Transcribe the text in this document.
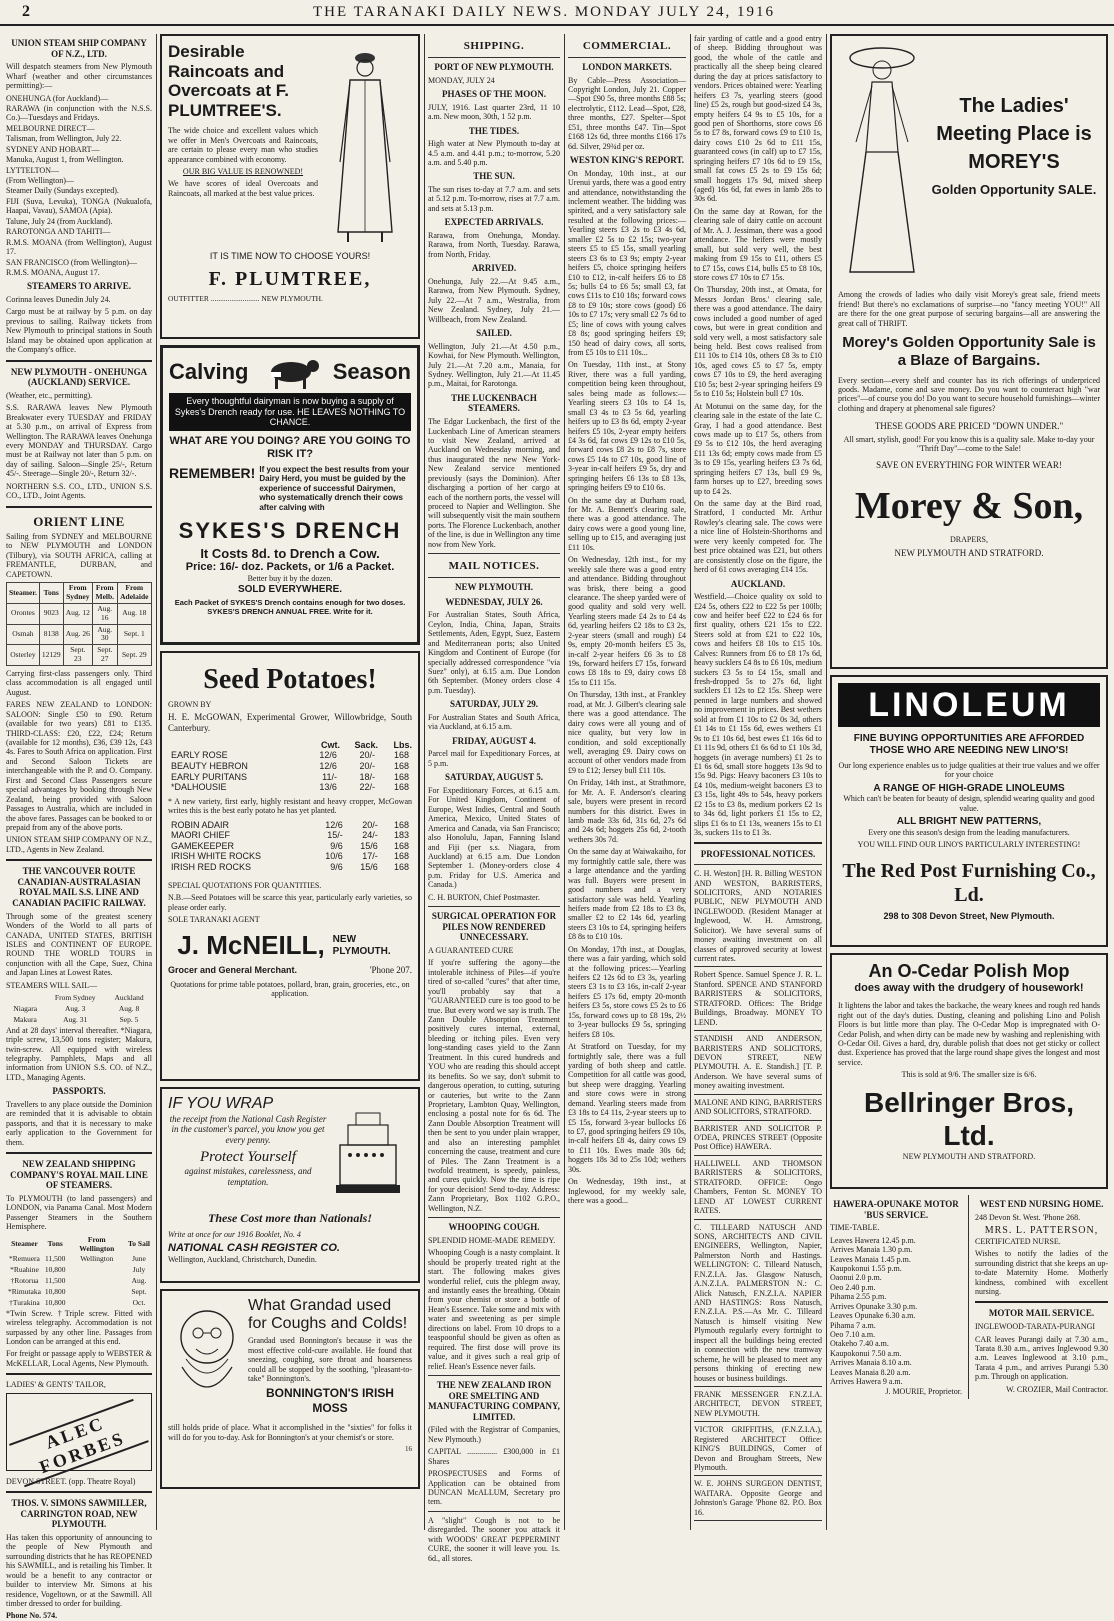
2	THE TARANAKI DAILY NEWS. MONDAY JULY 24, 1916
UNION STEAM SHIP COMPANY OF N.Z., LTD.

Will despatch steamers from New Plymouth Wharf (weather and other circumstances permitting):—

ONEHUNGA (for Auckland)—

RARAWA (in conjunction with the N.S.S. Co.)—Tuesdays and Fridays.

MELBOURNE DIRECT—

Talisman, from Wellington, July 22.

SYDNEY AND HOBART—

Manuka, August 1, from Wellington.

LYTTELTON—

(From Wellington)—

Steamer Daily (Sundays excepted).

FIJI (Suva, Levuka), TONGA (Nukualofa, Haapai, Vavau), SAMOA (Apia).

Talune, July 24 (from Auckland).

RAROTONGA AND TAHITI—

R.M.S. MOANA (from Wellington), August 17.

SAN FRANCISCO (from Wellington)—

R.M.S. MOANA, August 17.

STEAMERS TO ARRIVE.

Corinna leaves Dunedin July 24.

Cargo must be at railway by 5 p.m. on day previous to sailing. Railway tickets from New Plymouth to principal stations in South Island may be obtained upon application at the Company's office.

NEW PLYMOUTH - ONEHUNGA (AUCKLAND) SERVICE.

(Weather, etc., permitting).

S.S. RARAWA leaves New Plymouth Breakwater every TUESDAY and FRIDAY at 5.30 p.m., on arrival of Express from Wellington. The RARAWA leaves Onehunga every MONDAY and THURSDAY. Cargo must be at Railway not later than 5 p.m. on day of sailing. Saloon—Single 25/-, Return 45/-. Steerage—Single 20/-, Return 32/-.

NORTHERN S.S. CO., LTD., UNION S.S. CO., LTD., Joint Agents.

ORIENT LINE

Sailing from SYDNEY and MELBOURNE to NEW PLYMOUTH and LONDON (Tilbury), via SOUTH AFRICA, calling at FREMANTLE, DURBAN, and CAPETOWN.

Steamer.	Tons	From Sydney	From Melb.	From Adelaide
Orontes	9023	Aug. 12	Aug. 16	Aug. 18
Osmah	8138	Aug. 26	Aug. 30	Sept. 1
Osterley	12129	Sept. 23	Sept. 27	Sept. 29

Carrying first-class passengers only. Third class accommodation is all engaged until August.

FARES NEW ZEALAND to LONDON: SALOON: Single £50 to £90. Return (available for two years) £81 to £135. THIRD-CLASS: £20, £22, £24; Return (available for 12 months), £36, £39 12s, £43 4s. Fares to South Africa on application. First and Second Saloon Tickets are interchangeable with the P. and O. Company. First and Second Class Passengers secure special advantages by booking through New Zealand, being provided with Saloon Passages to Australia, which are included in the above fares. Passages can be booked to or prepaid from any of the above ports.

UNION STEAM SHIP COMPANY OF N.Z., LTD., Agents in New Zealand.

THE VANCOUVER ROUTE CANADIAN-AUSTRALASIAN ROYAL MAIL S.S. LINE AND CANADIAN PACIFIC RAILWAY.

Through some of the greatest scenery Wonders of the World to all parts of CANADA, UNITED STATES, BRITISH ISLES and CONTINENT OF EUROPE. ROUND THE WORLD TOURS in conjunction with all the Cape, Suez, China and Japan Lines at Lowest Rates.

STEAMERS WILL SAIL—

	From Sydney	Auckland
Niagara	Aug. 3	Aug. 8
Makura	Aug. 31	Sep. 5

And at 28 days' interval thereafter. *Niagara, triple screw, 13,500 tons register; Makura, twin-screw. All equipped with wireless telegraphy. Pamphlets, Maps and all information from UNION S.S. CO. of N.Z., LTD., Managing Agents.

PASSPORTS.

Travellers to any place outside the Dominion are reminded that it is advisable to obtain passports, and that it is necessary to make early application to the Government for them.

NEW ZEALAND SHIPPING COMPANY'S ROYAL MAIL LINE OF STEAMERS.

To PLYMOUTH (to land passengers) and LONDON, via Panama Canal. Most Modern Passenger Steamers in the Southern Hemisphere.

Steamer	Tons	From Wellington	To Sail
*Remuera	11,500	Wellington	June
*Ruahine	10,800		July
†Rotorua	11,500		Aug.
*Rimutaka	10,800		Sept.
†Turakina	10,800		Oct.

*Twin Screw. †Triple screw. Fitted with wireless telegraphy. Accommodation is not surpassed by any other line. Passages from London can be arranged at this end.

For freight or passage apply to WEBSTER & McKELLAR, Local Agents, New Plymouth.

LADIES' & GENTS' TAILOR,

ALEC FORBES

DEVON STREET. (opp. Theatre Royal)

THOS. V. SIMONS SAWMILLER, CARRINGTON ROAD, NEW PLYMOUTH.

Has taken this opportunity of announcing to the people of New Plymouth and surrounding districts that he has REOPENED his SAWMILL, and is retailing his Timber. It would be a benefit to any contractor or builder to interview Mr. Simons at his residence, Vogeltown, or at the Sawmill. All timber dressed to order for building.

Phone No. 574.

Desirable Raincoats and Overcoats at F. PLUMTREE'S.

The wide choice and excellent values which we offer in Men's Overcoats and Raincoats, are certain to please every man who studies appearance combined with economy.

OUR BIG VALUE IS RENOWNED!

We have scores of ideal Overcoats and Raincoats, all marked at the best value prices.

IT IS TIME NOW TO CHOOSE YOURS!
F. PLUMTREE,
OUTFITTER .......................... NEW PLYMOUTH.
Calving	Season
Every thoughtful dairyman is now buying a supply of Sykes's Drench ready for use. HE LEAVES NOTHING TO CHANCE.
WHAT ARE YOU DOING? ARE YOU GOING TO RISK IT?
REMEMBER! If you expect the best results from your Dairy Herd, you must be guided by the experience of successful Dairymen, who systematically drench their cows after calving with
SYKES'S DRENCH
It Costs 8d. to Drench a Cow.
Price: 16/- doz. Packets, or 1/6 a Packet.
Better buy it by the dozen.
SOLD EVERYWHERE.
Each Packet of SYKES'S Drench contains enough for two doses. SYKES'S DRENCH ANNUAL FREE. Write for it.
Seed Potatoes!

GROWN BY

H. E. McGOWAN, Experimental Grower, Willowbridge, South Canterbury.

	Cwt.	Sack.	Lbs.
EARLY ROSE	12/6	20/-	168
BEAUTY HEBRON	12/6	20/-	168
EARLY PURITANS	11/-	18/-	168
*DALHOUSIE	13/6	22/-	168

* A new variety, first early, highly resistant and heavy cropper, McGowan writes this is the best early potato he has yet planted.

ROBIN ADAIR	12/6	20/-	168
MAORI CHIEF	15/-	24/-	183
GAMEKEEPER	9/6	15/6	168
IRISH WHITE ROCKS	10/6	17/-	168
IRISH RED ROCKS	9/6	15/6	168

SPECIAL QUOTATIONS FOR QUANTITIES.

N.B.—Seed Potatoes will be scarce this year, particularly early varieties, so please order early.

SOLE TARANAKI AGENT

J. McNEILL, NEW PLYMOUTH.
Grocer and General Merchant.	'Phone 207.

Quotations for prime table potatoes, pollard, bran, grain, groceries, etc., on application.

IF YOU WRAP

the receipt from the National Cash Register in the customer's parcel, you know you get every penny.

Protect Yourself

against mistakes, carelessness, and temptation.

These Cost more than Nationals!

Write at once for our 1916 Booklet, No. 4

NATIONAL CASH REGISTER CO.

Wellington, Auckland, Christchurch, Dunedin.

What Grandad used for Coughs and Colds!

Grandad used Bonnington's because it was the most effective cold-cure available. He found that sneezing, coughing, sore throat and hoarseness could all be stopped by the soothing, "pleasant-to-take" Bonnington's.

BONNINGTON'S IRISH MOSS

still holds pride of place. What it accomplished in the "sixties" for folks it will do for you to-day. Ask for Bonnington's at your chemist's or store.

16
SHIPPING.
PORT OF NEW PLYMOUTH.

MONDAY, JULY 24

PHASES OF THE MOON.

JULY, 1916. Last quarter 23rd, 11 10 a.m. New moon, 30th, 1 52 p.m.

THE TIDES.

High water at New Plymouth to-day at 4.5 a.m. and 4.41 p.m.; to-morrow, 5.20 a.m. and 5.40 p.m.

THE SUN.

The sun rises to-day at 7.7 a.m. and sets at 5.12 p.m. To-morrow, rises at 7.7 a.m. and sets at 5.13 p.m.

EXPECTED ARRIVALS.

Rarawa, from Onehunga, Monday. Rarawa, from North, Tuesday. Rarawa, from North, Friday.

ARRIVED.

Onehunga, July 22.—At 9.45 a.m., Rarawa, from New Plymouth. Sydney, July 22.—At 7 a.m., Westralia, from New Zealand. Sydney, July 21.—Willbeach, from New Zealand.

SAILED.

Wellington, July 21.—At 4.50 p.m., Kowhai, for New Plymouth. Wellington, July 21.—At 7.20 a.m., Manaia, for Sydney. Wellington, July 21.—At 11.45 p.m., Maitai, for Rarotonga.

THE LUCKENBACH STEAMERS.

The Edgar Luckenbach, the first of the Luckenbach Line of American steamers to visit New Zealand, arrived at Auckland on Wednesday morning, and thus inaugurated the new New York-New Zealand service mentioned previously (says the Dominion). After discharging a portion of her cargo at each of the northern ports, the vessel will proceed to Napier and Wellington. She will subsequently visit the main southern ports. The Florence Luckenbach, another of the line, is due in Wellington any time now from New York.

MAIL NOTICES.
NEW PLYMOUTH.
WEDNESDAY, JULY 26.

For Australian States, South Africa, Ceylon, India, China, Japan, Straits Settlements, Aden, Egypt, Suez, Eastern and Mediterranean ports; also United Kingdom and Continent of Europe (for specially addressed correspondence "via Suez" only), at 6.15 a.m. Due London 6th September. (Money orders close 4 p.m. Tuesday).

SATURDAY, JULY 29.

For Australian States and South Africa, via Auckland, at 6.15 a.m.

FRIDAY, AUGUST 4.

Parcel mail for Expeditionary Forces, at 5 p.m.

SATURDAY, AUGUST 5.

For Expeditionary Forces, at 6.15 a.m. For United Kingdom, Continent of Europe, West Indies, Central and South America, Mexico, United States of America and Canada, via San Francisco; also Honolulu, Japan, Fanning Island and Fiji (per s.s. Niagara, from Auckland) at 6.15 a.m. Due London September 1. (Money-orders close 4 p.m. Friday for U.S. America and Canada.)

C. H. BURTON, Chief Postmaster.

SURGICAL OPERATION FOR PILES NOW RENDERED UNNECESSARY.

A GUARANTEED CURE

If you're suffering the agony—the intolerable itchiness of Piles—if you're tired of so-called "cures" that after time, you'll probably say that a "GUARANTEED cure is too good to be true. But every word we say is truth. The Zann Double Absorption Treatment positively cures internal, external, bleeding or itching piles. Even very long-standing cases yield to the Zann Treatment. In this cured hundreds and YOU who are reading this should accept its benefits. So we say, don't submit to dangerous operation, to cutting, suturing or cauteries, but write to the Zann Proprietary, Lambton Quay, Wellington, enclosing a postal note for 6s 6d. The Zann Double Absorption Treatment will then be sent to you under plain wrapper, and also an interesting pamphlet concerning the cause, treatment and cure of Piles. The Zann Treatment is a twofold treatment, is speedy, painless, and cures quickly. Now the time is ripe for your decision! Send to-day. Address: Zann Proprietary, Box 1102 G.P.O., Wellington, N.Z.

WHOOPING COUGH.

SPLENDID HOME-MADE REMEDY.

Whooping Cough is a nasty complaint. It should be properly treated right at the start. The following makes gives wonderful relief, cuts the phlegm away, and instantly eases the breathing. Obtain from your chemist or store a bottle of Hean's Essence. Take some and mix with water and sweetening as per simple directions on label. From 10 drops to a teaspoonful should be given as often as required. The first dose will prove its value, and it gives such a real grip of relief. Hean's Essence never fails.

THE NEW ZEALAND IRON ORE SMELTING AND MANUFACTURING COMPANY, LIMITED.

(Filed with the Registrar of Companies, New Plymouth.)

CAPITAL ............... £300,000 in £1 Shares

PROSPECTUSES and Forms of Application can be obtained from DUNCAN McALLUM, Secretary pro tem.

A "slight" Cough is not to be disregarded. The sooner you attack it with WOODS' GREAT PEPPERMINT CURE, the sooner it will leave you. 1s. 6d., all stores.

COMMERCIAL.
LONDON MARKETS.

By Cable—Press Association—Copyright London, July 21. Copper—Spot £90 5s, three months £88 5s; electrolytic, £112. Lead—Spot, £28, three months, £27. Spelter—Spot £51, three months £47. Tin—Spot £168 12s 6d, three months £166 17s 6d. Silver, 29¾d per oz.

WESTON KING'S REPORT.

On Monday, 10th inst., at our Urenui yards, there was a good entry and attendance, notwithstanding the inclement weather. The bidding was spirited, and a very satisfactory sale resulted at the following prices:—Yearling steers £3 2s to £3 4s 6d, smaller £2 5s to £2 15s; two-year steers £5 to £5 15s, small yearling steers £3 6s to £3 9s; empty 2-year heifers £5, choice springing heifers £10 to £12, in-calf heifers £6 to £8 5s; bulls £4 to £6 5s; small £3, fat cows £11s to £10 18s; forward cows £8 to £9 10s; store cows (good) £6 10s to £7 17s; very small £2 7s 6d to £5; line of cows with young calves £8 8s; good springing heifers £9; 150 head of dairy cows, all sorts, from £5 10s to £11 10s...

On Tuesday, 11th inst., at Stony River, there was a full yarding, competition being keen throughout, sales being made as follows:—Yearling steers £3 10s to £4 1s, small £3 4s to £3 5s 6d, yearling heifers up to £3 8s 6d, empty 2-year heifers £5 10s, 2-year empty heifers £4 3s 6d, fat cows £9 12s to £10 5s, forward cows £8 2s to £8 7s, store cows £5 14s to £7 10s, good line of 3-year in-calf heifers £9 5s, dry and springing heifers £6 13s to £8 13s, springing heifers £9 to £10 6s.

On the same day at Durham road, for Mr. A. Bennett's clearing sale, there was a good attendance. The dairy cows were a good young line, selling up to £15, and averaging just £11 10s.

On Wednesday, 12th inst., for my weekly sale there was a good entry and attendance. Bidding throughout was brisk, there being a good clearance. The sheep yarded were of good quality and sold very well. Yearling steers made £4 2s to £4 4s 6d, yearling heifers £2 18s to £3 2s, 2-year steers (small and rough) £4 9s, empty 20-month heifers £5 3s, in-calf 2-year heifers £6 3s to £8 19s, forward heifers £7 15s, forward cows £8 18s to £9, dairy cows £8 15s to £11 15s.

On Thursday, 13th inst., at Frankley road, at Mr. J. Gilbert's clearing sale there was a good attendance. The dairy cows were all young and of nice quality, but very low in condition, and sold exceptionally well, averaging £9. Dairy cows on account of other vendors made from £9 to £12; Jersey bull £11 10s.

On Friday, 14th inst., at Strathmore, for Mr. A. F. Anderson's clearing sale, buyers were present in record numbers for this district. Ewes in lamb made 33s 6d, 31s 6d, 27s 6d and 24s 6d; hoggets 25s 6d, 2-tooth wethers 30s 7d.

On the same day at Waiwakaiho, for my fortnightly cattle sale, there was a large attendance and the yarding was full. Buyers were present in good numbers and a very satisfactory sale was held. Yearling heifers made from £2 18s to £3 8s, smaller £2 to £2 14s 6d, yearling steers £3 10s to £4, springing heifers £8 8s to £10 10s.

On Monday, 17th inst., at Douglas, there was a fair yarding, which sold at the following prices:—Yearling heifers £2 12s 6d to £3 3s, yearling steers £3 1s to £3 16s, in-calf 2-year heifers £5 17s 6d, empty 20-month heifers £3 5s, store cows £5 2s to £6 15s, forward cows up to £8 19s, 2½ to 3-year bullocks £9 5s, springing heifers £8 10s.

At Stratford on Tuesday, for my fortnightly sale, there was a full yarding of both sheep and cattle. Competition for all cattle was good, but sheep were dragging. Yearling and store cows were in strong demand. Yearling steers made from £3 18s to £4 11s, 2-year steers up to £5 15s, forward 3-year bullocks £6 to £7, good springing heifers £9 10s, in-calf heifers £8 4s, dairy cows £9 to £11 10s. Ewes made 30s 6d; hoggets 18s 3d to 25s 10d; wethers 30s.

On Wednesday, 19th inst., at Inglewood, for my weekly sale, there was a good...

fair yarding of cattle and a good entry of sheep. Bidding throughout was good, the whole of the cattle and practically all the sheep being cleared during the day at prices satisfactory to vendors. Prices obtained were: Yearling heifers £3 7s, yearling steers (good line) £5 2s, rough but good-sized £4 3s, empty heifers £4 9s to £5 10s, for a good pen of Shorthorns, store cows £6 5s to £7 8s, forward cows £9 to £10 1s, dairy cows £10 2s 6d to £11 15s, guaranteed cows (in calf) up to £7 15s, springing heifers £7 10s 6d to £9 15s, small fat cows £5 2s to £9 15s 6d; small hoggets 17s 9d, mixed sheep (aged) 16s 6d, fat ewes in lamb 28s to 30s 6d.

On the same day at Rowan, for the clearing sale of dairy cattle on account of Mr. A. J. Jessiman, there was a good attendance. The heifers were mostly small, but sold very well, the best making from £9 15s to £11, others £5 to £7 15s, cows £14, bulls £5 to £8 10s, store cows £7 10s to £7 15s.

On Thursday, 20th inst., at Omata, for Messrs Jordan Bros.' clearing sale, there was a good attendance. The dairy cows included a good number of aged cows, but were in great condition and sold very well, a most satisfactory sale being held. Best cows realised from £11 10s to £14 10s, others £8 3s to £10 10s, aged cows £5 to £7 5s, empty cows £7 10s to £9, the herd averaging £10 5s; best 2-year springing heifers £9 5s to £10 5s; Holstein bull £7 10s.

At Motunui on the same day, for the clearing sale in the estate of the late C. Gray, I had a good attendance. Best cows made up to £17 5s, others from £9 5s to £12 10s, the herd averaging £11 13s 6d; empty cows made from £5 3s to £9 15s, yearling heifers £3 7s 6d, springing heifers £7 13s, bull £9 9s, farm horses up to £27, breeding sows up to £4 2s.

On the same day at the Bird road, Stratford, I conducted Mr. Arthur Rowley's clearing sale. The cows were a nice line of Holstein-Shorthorns and were very keenly competed for. The best price obtained was £21, but others are consistently close on the figure, the herd of 61 cows averaging £14 15s.

AUCKLAND.

Westfield.—Choice quality ox sold to £24 5s, others £22 to £22 5s per 100lb; cow and heifer beef £22 to £24 6s for first quality, others £21 15s to £22. Steers sold at from £21 to £22 10s, cows and heifers £8 10s to £15 10s. Calves: Runners from £6 to £8 17s 6d, heavy sucklers £4 8s to £6 10s, medium suckers £3 5s to £4 15s, small and fresh-dropped 5s to 27s 6d, light sucklers £1 12s to £2 15s. Sheep were penned in large numbers and showed no improvement in prices. Best wethers sold at from £1 10s to £2 0s 3d, others £1 14s to £1 15s 6d, ewes wethers £1 9s to £1 10s 6d, best ewes £1 16s 6d to £1 11s 9d, others £1 6s 6d to £1 10s 3d, hoggets (in average numbers) £1 2s to £1 6s 6d, small store hoggets 13s 9d to 15s 9d. Pigs: Heavy baconers £3 10s to £4 10s, medium-weight baconers £3 to £3 15s, light 49s to 54s, heavy porkers £2 15s to £3 8s, medium porkers £2 1s to 34s 6d, light porkers £1 15s to £2, slips £1 6s to £1 13s, weaners 15s to £1 3s, suckers 11s to £1 3s.

PROFESSIONAL NOTICES.

C. H. Weston] [H. R. Billing WESTON AND WESTON, BARRISTERS, SOLICITORS, AND NOTARIES PUBLIC, NEW PLYMOUTH AND INGLEWOOD. (Resident Manager at Inglewood, W. H. Armstrong, Solicitor). We have several sums of money awaiting investment on all classes of approved security at lowest current rates.

Robert Spence. Samuel Spence J. R. L. Stanford. SPENCE AND STANFORD BARRISTERS & SOLICITORS, STRATFORD. Offices: The Bridge Buildings, Broadway. MONEY TO LEND.

STANDISH AND ANDERSON, BARRISTERS AND SOLICITORS, DEVON STREET, NEW PLYMOUTH. A. E. Standish.] [T. P. Anderson. We have several sums of money awaiting investment.

MALONE AND KING, BARRISTERS AND SOLICITORS, STRATFORD.

BARRISTER AND SOLICITOR P. O'DEA, PRINCES STREET (Opposite Post Office) HAWERA.

HALLIWELL AND THOMSON BARRISTERS & SOLICITORS, STRATFORD. OFFICE: Ongo Chambers, Fenton St. MONEY TO LEND AT LOWEST CURRENT RATES.

C. TILLEARD NATUSCH AND SONS, ARCHITECTS AND CIVIL ENGINEERS, Wellington, Napier, Palmerston North and Hastings. WELLINGTON: C. Tilleard Natusch, F.N.Z.I.A. Jas. Glasgow Natusch, A.N.Z.I.A. PALMERSTON N.: C. Alick Natusch, F.N.Z.I.A. NAPIER AND HASTINGS: Ross Natusch, F.N.Z.I.A. P.S.—As Mr. C. Tilleard Natusch is himself visiting New Plymouth regularly every fortnight to inspect all the buildings being erected in connection with the new tramway scheme, he will be pleased to meet any persons thinking of erecting new houses or business buildings.

FRANK MESSENGER F.N.Z.I.A. ARCHITECT, DEVON STREET, NEW PLYMOUTH.

VICTOR GRIFFITHS, (F.N.Z.I.A.), Registered ARCHITECT Office: KING'S BUILDINGS, Corner of Devon and Brougham Streets, New Plymouth.

W. E. JOHNS SURGEON DENTIST, WAITARA. Opposite George and Johnston's Garage 'Phone 82. P.O. Box 16.

The Ladies' Meeting Place is MOREY'S
Golden Opportunity SALE.

Among the crowds of ladies who daily visit Morey's great sale, friend meets friend! But there's no exclamations of surprise—no "fancy meeting YOU!" All are there for the one great purpose of securing bargains—all are answering the great call of THRIFT.

Morey's Golden Opportunity Sale is a Blaze of Bargains.

Every section—every shelf and counter has its rich offerings of underpriced goods. Madame, come and save money. Do you want to counteract high "war prices"—of course you do! Do you want to secure household furnishings—winter clothing and drapery at phenomenal sale figures?

THESE GOODS ARE PRICED "DOWN UNDER."

All smart, stylish, good! For you know this is a quality sale. Make to-day your "Thrift Day"—come to the Sale!

SAVE ON EVERYTHING FOR WINTER WEAR!

Morey & Son,

DRAPERS,

NEW PLYMOUTH AND STRATFORD.

LINOLEUM
FINE BUYING OPPORTUNITIES ARE AFFORDED THOSE WHO ARE NEEDING NEW LINO'S!

Our long experience enables us to judge qualities at their true values and we offer for your choice

A RANGE OF HIGH-GRADE LINOLEUMS

Which can't be beaten for beauty of design, splendid wearing quality and good value.

ALL BRIGHT NEW PATTERNS,

Every one this season's design from the leading manufacturers.

YOU WILL FIND OUR LINO'S PARTICULARLY INTERESTING!

The Red Post Furnishing Co., Ld.
298 to 308 Devon Street, New Plymouth.
An O-Cedar Polish Mop
does away with the drudgery of housework!

It lightens the labor and takes the backache, the weary knees and rough red hands right out of the day's duties. Dusting, cleaning and polishing Lino and Polish Floors is but little more than play. The O-Cedar Mop is impregnated with O-Cedar Polish, and when dirty can be made new by washing and replenishing with O-Cedar Oil. Gives a hard, dry, durable polish that does not get sticky or collect dust. Experience has proved that the large round shape gives the longest and most service.

This is sold at 9/6. The smaller size is 6/6.

Bellringer Bros, Ltd.

NEW PLYMOUTH AND STRATFORD.

HAWERA-OPUNAKE MOTOR 'BUS SERVICE.

TIME-TABLE.

Leaves Hawera 12.45 p.m.

Arrives Manaia 1.30 p.m.

Leaves Manaia 1.45 p.m.

Kaupokonui 1.55 p.m.

Oaonui 2.0 p.m.

Oeo 2.40 p.m.

Pihama 2.55 p.m.

Arrives Opunake 3.30 p.m.

Leaves Opunake 6.30 a.m.

Pihama 7 a.m.

Oeo 7.10 a.m.

Otakeho 7.40 a.m.

Kaupokonui 7.50 a.m.

Arrives Manaia 8.10 a.m.

Leaves Manaia 8.20 a.m.

Arrives Hawera 9 a.m.

J. MOURIE, Proprietor.

WEST END NURSING HOME.

248 Devon St. West. 'Phone 268.

MRS. L. PATTERSON,

CERTIFICATED NURSE.

Wishes to notify the ladies of the surrounding district that she keeps an up-to-date Maternity Home. Motherly kindness, combined with excellent nursing.

MOTOR MAIL SERVICE.

INGLEWOOD-TARATA-PURANGI

CAR leaves Purangi daily at 7.30 a.m., Tarata 8.30 a.m., arrives Inglewood 9.30 a.m. Leaves Inglewood at 3.10 p.m., Tarata 4 p.m., and arrives Purangi 5.30 p.m. Through on application.

W. CROZIER, Mail Contractor.
